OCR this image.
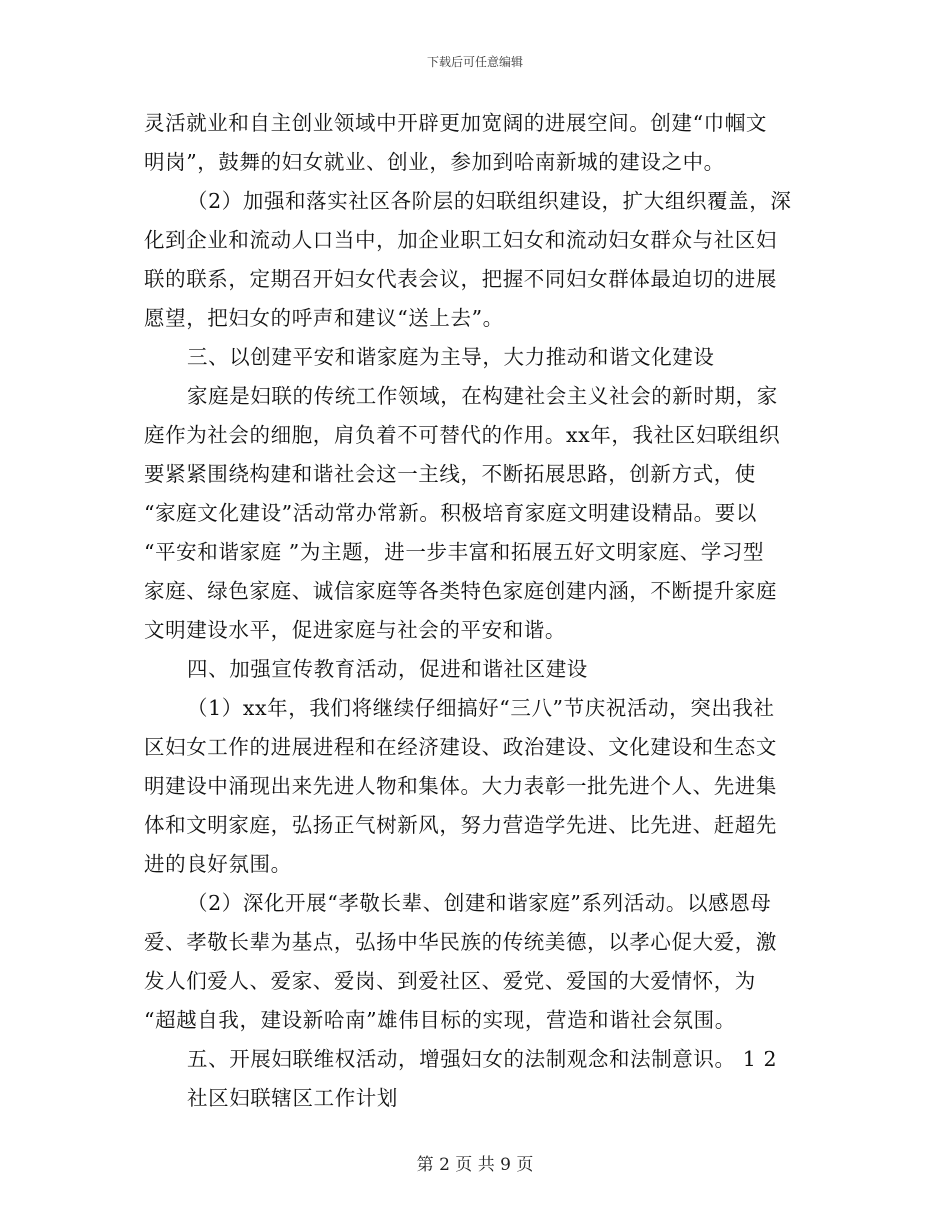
下载后可任意编辑
灵活就业和自主创业领域中开辟更加宽阔的进展空间。创建“巾帼文
明岗”，鼓舞的妇女就业、创业，参加到哈南新城的建设之中。
（2）加强和落实社区各阶层的妇联组织建设，扩大组织覆盖，深
化到企业和流动人口当中，加企业职工妇女和流动妇女群众与社区妇
联的联系，定期召开妇女代表会议，把握不同妇女群体最迫切的进展
愿望，把妇女的呼声和建议“送上去”。
三、以创建平安和谐家庭为主导，大力推动和谐文化建设
家庭是妇联的传统工作领域，在构建社会主义社会的新时期，家
庭作为社会的细胞，肩负着不可替代的作用。xx年，我社区妇联组织
要紧紧围绕构建和谐社会这一主线，不断拓展思路，创新方式，使
“家庭文化建设”活动常办常新。积极培育家庭文明建设精品。要以
“平安和谐家庭 ”为主题，进一步丰富和拓展五好文明家庭、学习型
家庭、绿色家庭、诚信家庭等各类特色家庭创建内涵，不断提升家庭
文明建设水平，促进家庭与社会的平安和谐。
四、加强宣传教育活动，促进和谐社区建设
（1）xx年，我们将继续仔细搞好“三八”节庆祝活动，突出我社
区妇女工作的进展进程和在经济建设、政治建设、文化建设和生态文
明建设中涌现出来先进人物和集体。大力表彰一批先进个人、先进集
体和文明家庭，弘扬正气树新风，努力营造学先进、比先进、赶超先
进的良好氛围。
（2）深化开展“孝敬长辈、创建和谐家庭”系列活动。以感恩母
爱、孝敬长辈为基点，弘扬中华民族的传统美德，以孝心促大爱，激
发人们爱人、爱家、爱岗、到爱社区、爱党、爱国的大爱情怀，为
“超越自我，建设新哈南”雄伟目标的实现，营造和谐社会氛围。
五、开展妇联维权活动，增强妇女的法制观念和法制意识。 1 2
社区妇联辖区工作计划
第 2 页 共 9 页
